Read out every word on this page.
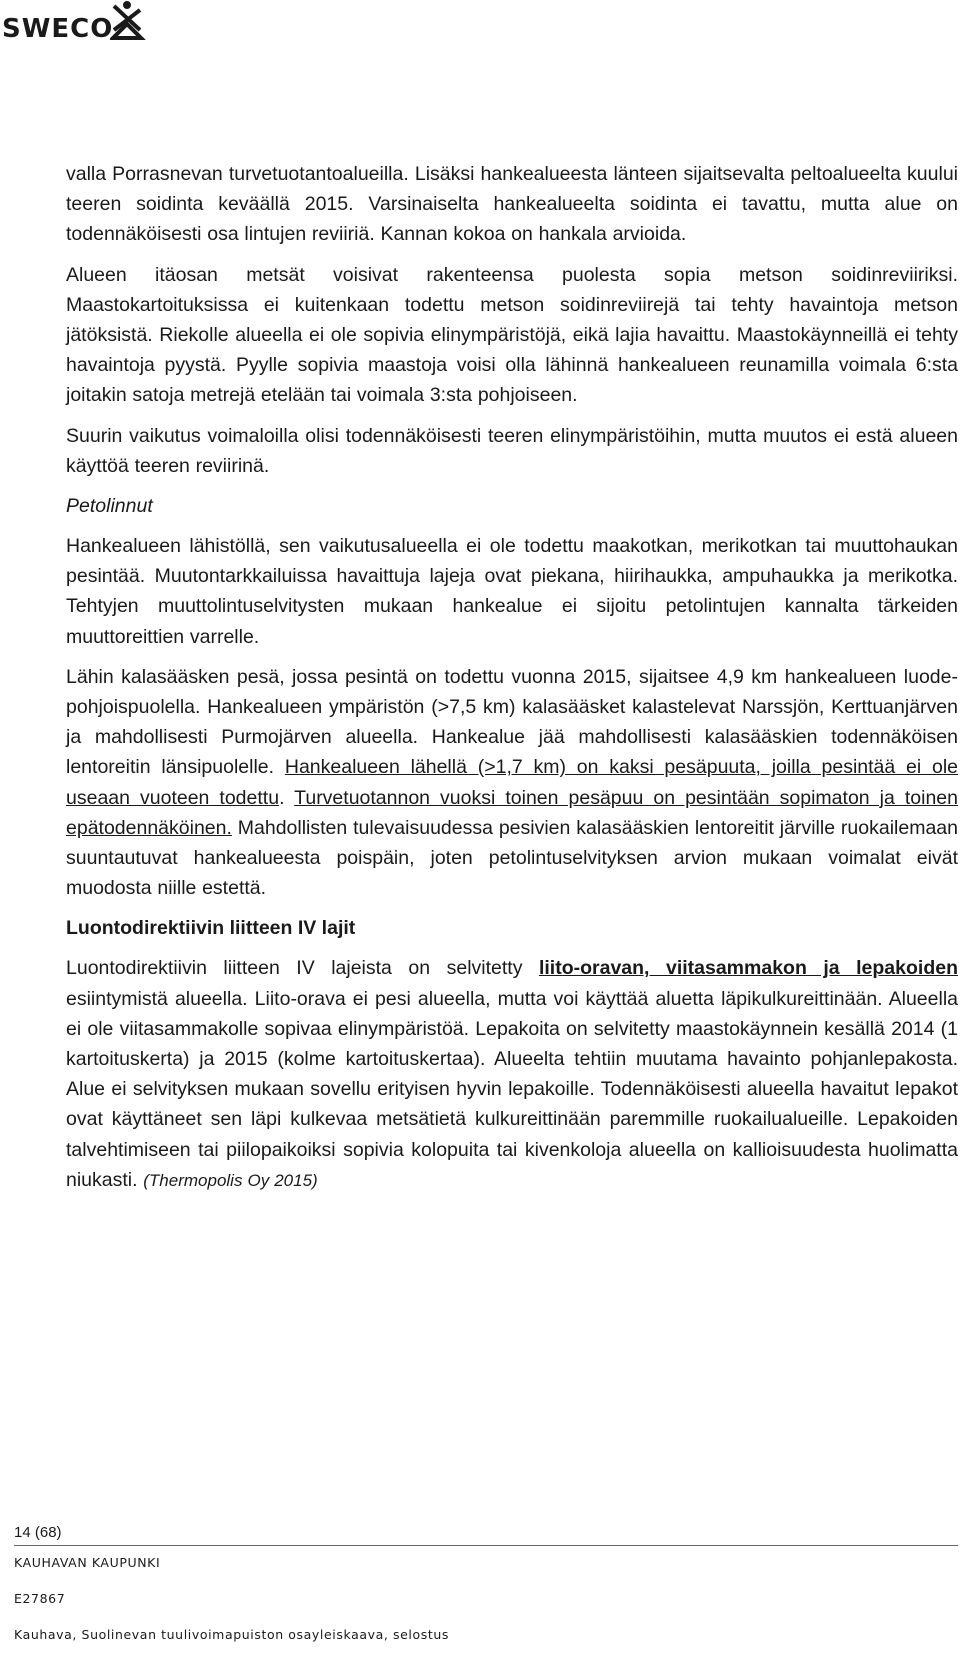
SWECO

valla Porrasnevan turvetuotantoalueilla. Lisäksi hankealueesta länteen sijaitsevalta peltoalueelta kuului teeren soidinta keväällä 2015. Varsinaiselta hankealueelta soidinta ei tavattu, mutta alue on todennäköisesti osa lintujen reviiriä. Kannan kokoa on hankala arvioida.

Alueen itäosan metsät voisivat rakenteensa puolesta sopia metson soidinreviiriksi. Maastokartoituksissa ei kuitenkaan todettu metson soidinreviirejä tai tehty havaintoja metson jätöksistä. Riekolle alueella ei ole sopivia elinympäristöjä, eikä lajia havaittu. Maastokäynneillä ei tehty havaintoja pyystä. Pyylle sopivia maastoja voisi olla lähinnä hankealueen reunamilla voimala 6:sta joitakin satoja metrejä etelään tai voimala 3:sta pohjoiseen.

Suurin vaikutus voimaloilla olisi todennäköisesti teeren elinympäristöihin, mutta muutos ei estä alueen käyttöä teeren reviirinä.

Petolinnut

Hankealueen lähistöllä, sen vaikutusalueella ei ole todettu maakotkan, merikotkan tai muuttohaukan pesintää. Muutontarkkailuissa havaittuja lajeja ovat piekana, hiirihaukka, ampuhaukka ja merikotka. Tehtyjen muuttolintuselvitysten mukaan hankealue ei sijoitu petolintujen kannalta tärkeiden muuttoreittien varrelle.

Lähin kalasääsken pesä, jossa pesintä on todettu vuonna 2015, sijaitsee 4,9 km hankealueen luode-pohjoispuolella. Hankealueen ympäristön (>7,5 km) kalasääsket kalastelevat Narssjön, Kerttuanjärven ja mahdollisesti Purmojärven alueella. Hankealue jää mahdollisesti kalasääskien todennäköisen lentoreitin länsipuolelle. Hankealueen lähellä (>1,7 km) on kaksi pesäpuuta, joilla pesintää ei ole useaan vuoteen todettu. Turvetuotannon vuoksi toinen pesäpuu on pesintään sopimaton ja toinen epätodennäköinen. Mahdollisten tulevaisuudessa pesivien kalasääskien lentoreitit järville ruokailemaan suuntautuvat hankealueesta poispäin, joten petolintuselvityksen arvion mukaan voimalat eivät muodosta niille estettä.

Luontodirektiivin liitteen IV lajit

Luontodirektiivin liitteen IV lajeista on selvitetty liito-oravan, viitasammakon ja lepakoiden esiintymistä alueella. Liito-orava ei pesi alueella, mutta voi käyttää aluetta läpikulkureittinään. Alueella ei ole viitasammakolle sopivaa elinympäristöä. Lepakoita on selvitetty maastokäynnein kesällä 2014 (1 kartoituskerta) ja 2015 (kolme kartoituskertaa). Alueelta tehtiin muutama havainto pohjanlepakosta. Alue ei selvityksen mukaan sovellu erityisen hyvin lepakoille. Todennäköisesti alueella havaitut lepakot ovat käyttäneet sen läpi kulkevaa metsätietä kulkureittinään paremmille ruokailualueille. Lepakoiden talvehtimiseen tai piilopaikoiksi sopivia kolopuita tai kivenkoloja alueella on kallioisuudesta huolimatta niukasti. (Thermopolis Oy 2015)

14 (68)
KAUHAVAN KAUPUNKI
E27867
Kauhava, Suolinevan tuulivoimapuiston osayleiskaava, selostus
